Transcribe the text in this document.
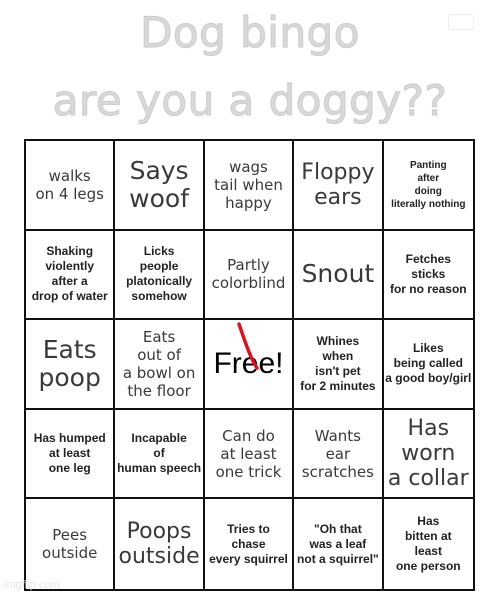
Dog bingo
are you a doggy??
walks
on 4 legs
Says
woof
wags
tail when
happy
Floppy
ears
Panting
after
doing
literally nothing
Shaking
violently
after a
drop of water
Licks
people
platonically
somehow
Partly
colorblind Snout
Fetches
sticks
for no reason
Eats
poop
Eats
out of
a bowl on
the floor
Free!
Whines
when
isn't pet
for 2 minutes
Likes
being called
a good boy/girl
Has humped
at least
one leg
Incapable
of
human speech
Can do
at least
one trick
Wants
ear
scratches
Has
worn
a collar
Pees
outside
Poops
outside
Tries to
chase
every squirrel
"Oh that
was a leaf
not a squirrel"
Has
bitten at
least
one person
imgflip.com
